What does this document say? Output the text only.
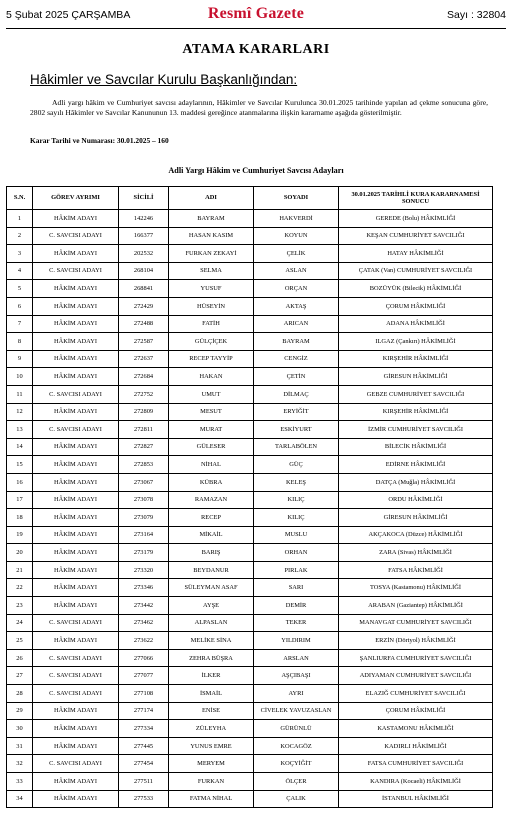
5 Şubat 2025 ÇARŞAMBA	Resmî Gazete	Sayı : 32804
ATAMA KARARLARI
Hâkimler ve Savcılar Kurulu Başkanlığından:
Adli yargı hâkim ve Cumhuriyet savcısı adaylarının, Hâkimler ve Savcılar Kurulunca 30.01.2025 tarihinde yapılan ad çekme sonucuna göre, 2802 sayılı Hâkimler ve Savcılar Kanununun 13. maddesi gereğince atanmalarına ilişkin kararname aşağıda gösterilmiştir.
Karar Tarihi ve Numarası: 30.01.2025 – 160
Adli Yargı Hâkim ve Cumhuriyet Savcısı Adayları
S.N.	GÖREV AYRIMI	SİCİLİ	ADI	SOYADI	30.01.2025 TARİHLİ KURA KARARNAMESİ SONUCU
1	HÂKİM ADAYI	142246	BAYRAM	HAKVERDİ	GEREDE (Bolu) HÂKİMLİĞİ
2	C. SAVCISI ADAYI	166377	HASAN KASIM	KOYUN	KEŞAN CUMHURİYET SAVCILIĞI
3	HÂKİM ADAYI	202532	FURKAN ZEKAYİ	ÇELİK	HATAY HÂKİMLİĞİ
4	C. SAVCISI ADAYI	268104	SELMA	ASLAN	ÇATAK (Van) CUMHURİYET SAVCILIĞI
5	HÂKİM ADAYI	268841	YUSUF	ORÇAN	BOZÜYÜK (Bilecik) HÂKİMLİĞİ
6	HÂKİM ADAYI	272429	HÜSEYİN	AKTAŞ	ÇORUM HÂKİMLİĞİ
7	HÂKİM ADAYI	272488	FATİH	ARICAN	ADANA HÂKİMLİĞİ
8	HÂKİM ADAYI	272587	GÜLÇİÇEK	BAYRAM	ILGAZ (Çankırı) HÂKİMLİĞİ
9	HÂKİM ADAYI	272637	RECEP TAYYİP	CENGİZ	KIRŞEHİR HÂKİMLİĞİ
10	HÂKİM ADAYI	272684	HAKAN	ÇETİN	GİRESUN HÂKİMLİĞİ
11	C. SAVCISI ADAYI	272752	UMUT	DİLMAÇ	GEBZE CUMHURİYET SAVCILIĞI
12	HÂKİM ADAYI	272809	MESUT	ERYİĞİT	KIRŞEHİR HÂKİMLİĞİ
13	C. SAVCISI ADAYI	272811	MURAT	ESKİYURT	İZMİR CUMHURİYET SAVCILIĞI
14	HÂKİM ADAYI	272827	GÜLESER	TARLABÖLEN	BİLECİK HÂKİMLİĞİ
15	HÂKİM ADAYI	272853	NİHAL	GÜÇ	EDİRNE HÂKİMLİĞİ
16	HÂKİM ADAYI	273067	KÜBRA	KELEŞ	DATÇA (Muğla) HÂKİMLİĞİ
17	HÂKİM ADAYI	273078	RAMAZAN	KILIÇ	ORDU HÂKİMLİĞİ
18	HÂKİM ADAYI	273079	RECEP	KILIÇ	GİRESUN HÂKİMLİĞİ
19	HÂKİM ADAYI	273164	MİKAİL	MUSLU	AKÇAKOCA (Düzce) HÂKİMLİĞİ
20	HÂKİM ADAYI	273179	BARIŞ	ORHAN	ZARA (Sivas) HÂKİMLİĞİ
21	HÂKİM ADAYI	273320	BEYDANUR	PIRLAK	FATSA HÂKİMLİĞİ
22	HÂKİM ADAYI	273346	SÜLEYMAN ASAF	SARI	TOSYA (Kastamonu) HÂKİMLİĞİ
23	HÂKİM ADAYI	273442	AYŞE	DEMİR	ARABAN (Gaziantep) HÂKİMLİĞİ
24	C. SAVCISI ADAYI	273462	ALPASLAN	TEKER	MANAVGAT CUMHURİYET SAVCILIĞI
25	HÂKİM ADAYI	273622	MELİKE SİNA	YILDIRIM	ERZİN (Dörtyol) HÂKİMLİĞİ
26	C. SAVCISI ADAYI	277066	ZEHRA BÜŞRA	ARSLAN	ŞANLIURFA CUMHURİYET SAVCILIĞI
27	C. SAVCISI ADAYI	277077	İLKER	AŞÇIBAŞI	ADIYAMAN CUMHURİYET SAVCILIĞI
28	C. SAVCISI ADAYI	277108	İSMAİL	AYRI	ELAZIĞ CUMHURİYET SAVCILIĞI
29	HÂKİM ADAYI	277174	ENİSE	CİVELEK YAVUZASLAN	ÇORUM HÂKİMLİĞİ
30	HÂKİM ADAYI	277334	ZÜLEYHA	GÜRÜNLÜ	KASTAMONU HÂKİMLİĞİ
31	HÂKİM ADAYI	277445	YUNUS EMRE	KOCAGÖZ	KADIRLI HÂKİMLİĞİ
32	C. SAVCISI ADAYI	277454	MERYEM	KOÇYİĞİT	FATSA CUMHURİYET SAVCILIĞI
33	HÂKİM ADAYI	277511	FURKAN	ÖLÇER	KANDIRA (Kocaeli) HÂKİMLİĞİ
34	HÂKİM ADAYI	277533	FATMA NİHAL	ÇALIK	İSTANBUL HÂKİMLİĞİ
